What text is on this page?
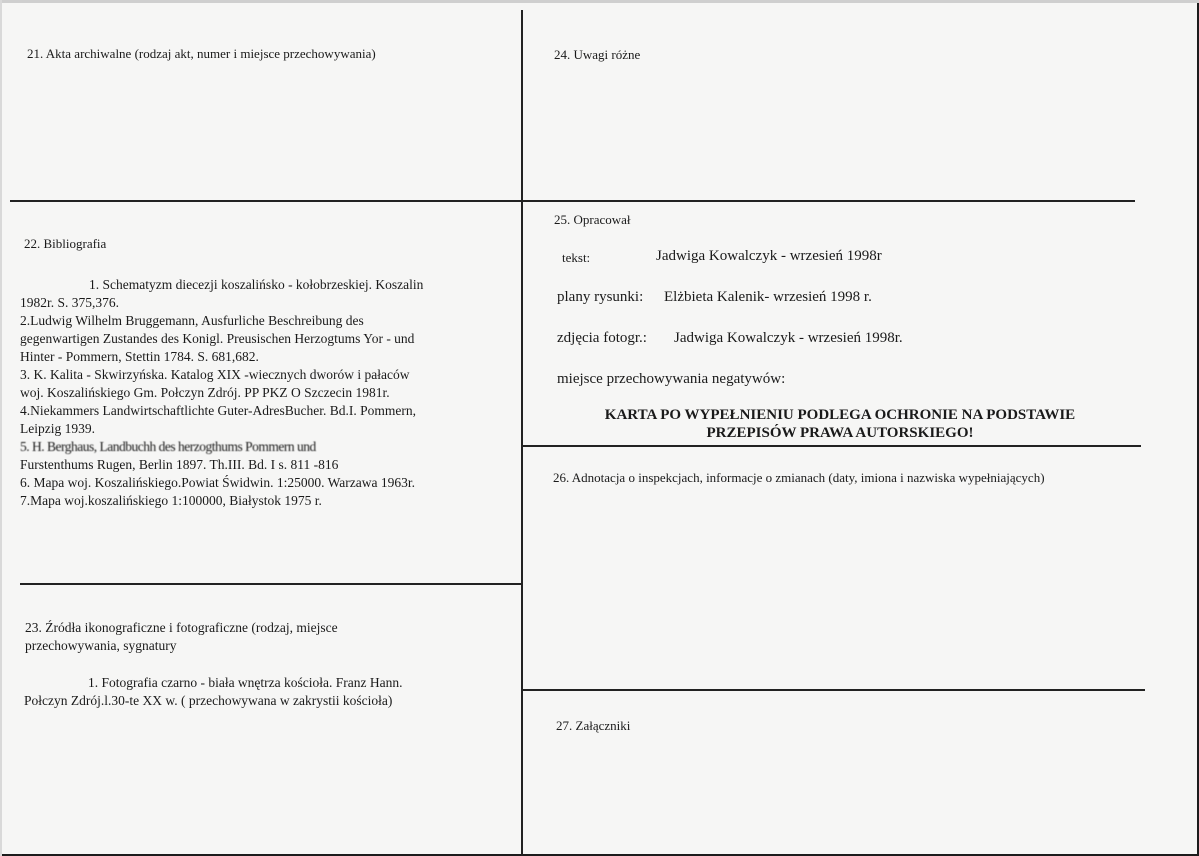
21. Akta archiwalne (rodzaj akt, numer i miejsce przechowywania)	24. Uwagi różne
22. Bibliografia
1. Schematyzm diecezji koszalińsko - kołobrzeskiej. Koszalin
1982r. S. 375,376.
2.Ludwig Wilhelm Bruggemann, Ausfurliche Beschreibung des
gegenwartigen Zustandes des Konigl. Preusischen Herzogtums Yor - und
Hinter - Pommern, Stettin 1784. S. 681,682.
3. K. Kalita - Skwirzyńska. Katalog XIX -wiecznych dworów i pałaców
woj. Koszalińskiego Gm. Połczyn Zdrój. PP PKZ O Szczecin 1981r.
4.Niekammers Landwirtschaftlichte Guter-AdresBucher. Bd.I. Pommern,
Leipzig 1939.
5. H. Berghaus, Landbuchh des herzogthums Pommern und
Furstenthums Rugen, Berlin 1897. Th.III. Bd. I s. 811 -816
6. Mapa woj. Koszalińskiego.Powiat Świdwin. 1:25000. Warzawa 1963r.
7.Mapa woj.koszalińskiego 1:100000, Białystok 1975 r.
23. Źródła ikonograficzne i fotograficzne (rodzaj, miejsce
przechowywania, sygnatury
1. Fotografia czarno - biała wnętrza kościoła. Franz Hann.
Połczyn Zdrój.l.30-te XX w. ( przechowywana w zakrystii kościoła)
25. Opracował
tekst:	Jadwiga Kowalczyk - wrzesień 1998r
plany rysunki: Elżbieta Kalenik- wrzesień 1998 r.
zdjęcia fotogr.: Jadwiga Kowalczyk - wrzesień 1998r.
miejsce przechowywania negatywów:
KARTA PO WYPEŁNIENIU PODLEGA OCHRONIE NA PODSTAWIE
PRZEPISÓW PRAWA AUTORSKIEGO!
26. Adnotacja o inspekcjach, informacje o zmianach (daty, imiona i nazwiska wypełniających)
27. Załączniki
